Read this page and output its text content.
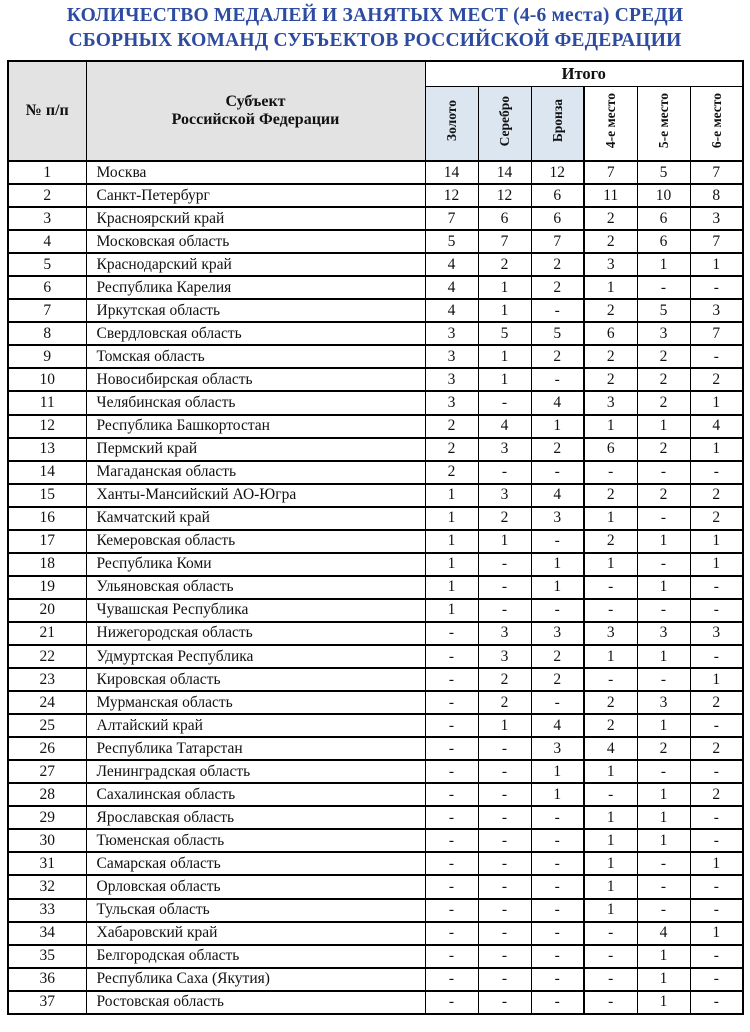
КОЛИЧЕСТВО МЕДАЛЕЙ И ЗАНЯТЫХ МЕСТ (4-6 места) СРЕДИ
СБОРНЫХ КОМАНД СУБЪЕКТОВ РОССИЙСКОЙ ФЕДЕРАЦИИ
№ п/п	Субъект
Российской Федерации	Итого					
		Золото	Серебро	Бронза	4-е место	5-е место	6-е место
1	Москва	14	14	12	7	5	7
2	Санкт-Петербург	12	12	6	11	10	8
3	Красноярский край	7	6	6	2	6	3
4	Московская область	5	7	7	2	6	7
5	Краснодарский край	4	2	2	3	1	1
6	Республика Карелия	4	1	2	1	-	-
7	Иркутская область	4	1	-	2	5	3
8	Свердловская область	3	5	5	6	3	7
9	Томская область	3	1	2	2	2	-
10	Новосибирская область	3	1	-	2	2	2
11	Челябинская область	3	-	4	3	2	1
12	Республика Башкортостан	2	4	1	1	1	4
13	Пермский край	2	3	2	6	2	1
14	Магаданская область	2	-	-	-	-	-
15	Ханты-Мансийский АО-Югра	1	3	4	2	2	2
16	Камчатский край	1	2	3	1	-	2
17	Кемеровская область	1	1	-	2	1	1
18	Республика Коми	1	-	1	1	-	1
19	Ульяновская область	1	-	1	-	1	-
20	Чувашская Республика	1	-	-	-	-	-
21	Нижегородская область	-	3	3	3	3	3
22	Удмуртская Республика	-	3	2	1	1	-
23	Кировская область	-	2	2	-	-	1
24	Мурманская область	-	2	-	2	3	2
25	Алтайский край	-	1	4	2	1	-
26	Республика Татарстан	-	-	3	4	2	2
27	Ленинградская область	-	-	1	1	-	-
28	Сахалинская область	-	-	1	-	1	2
29	Ярославская область	-	-	-	1	1	-
30	Тюменская область	-	-	-	1	1	-
31	Самарская область	-	-	-	1	-	1
32	Орловская область	-	-	-	1	-	-
33	Тульская область	-	-	-	1	-	-
34	Хабаровский край	-	-	-	-	4	1
35	Белгородская область	-	-	-	-	1	-
36	Республика Саха (Якутия)	-	-	-	-	1	-
37	Ростовская область	-	-	-	-	1	-
